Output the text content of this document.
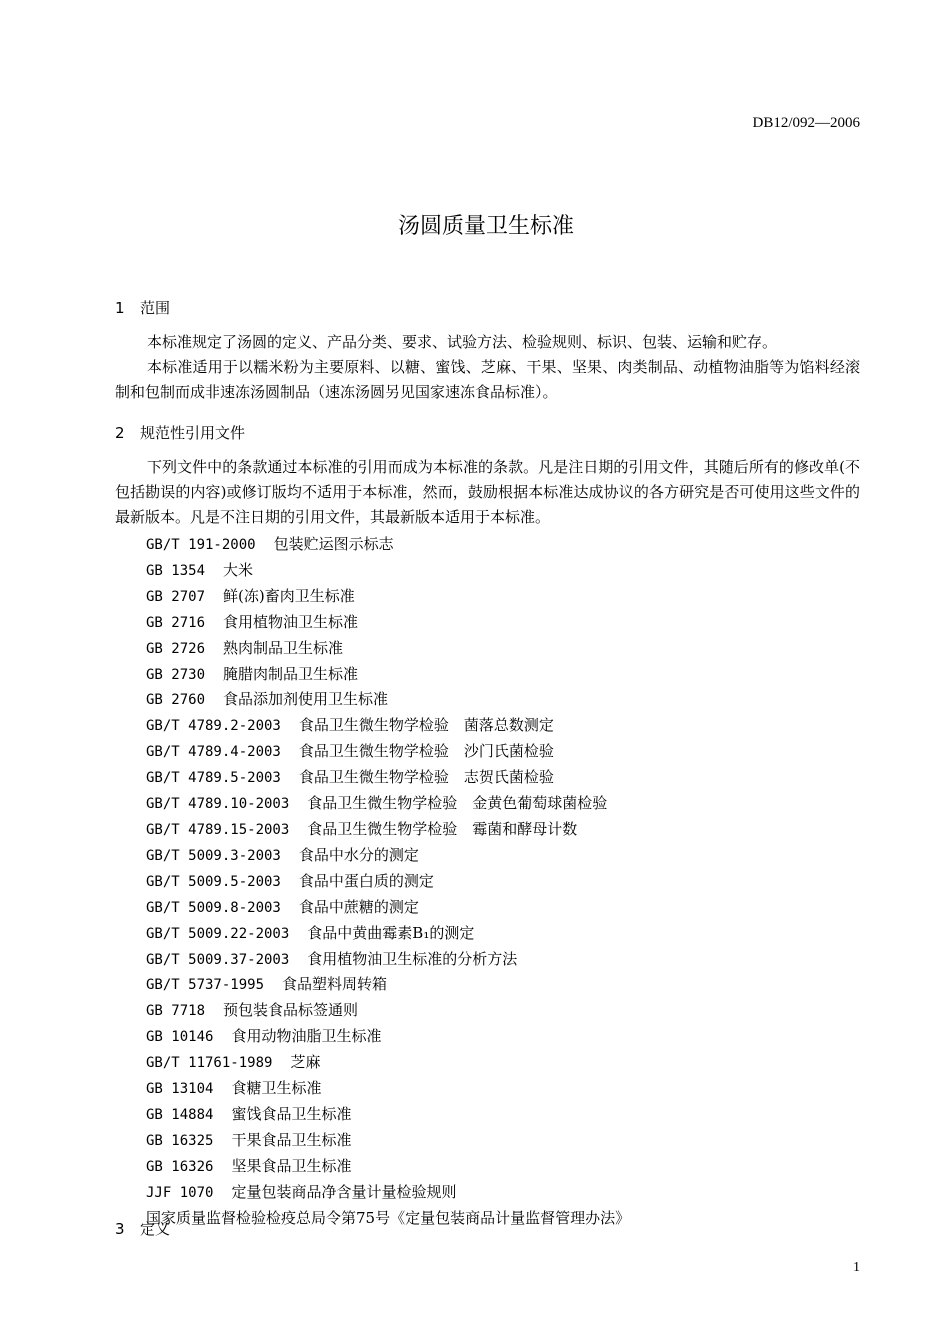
DB12/092—2006
汤圆质量卫生标准
1 范围

本标准规定了汤圆的定义、产品分类、要求、试验方法、检验规则、标识、包装、运输和贮存。

本标准适用于以糯米粉为主要原料、以糖、蜜饯、芝麻、干果、坚果、肉类制品、动植物油脂等为馅料经滚制和包制而成非速冻汤圆制品（速冻汤圆另见国家速冻食品标准）。

2 规范性引用文件

下列文件中的条款通过本标准的引用而成为本标准的条款。凡是注日期的引用文件，其随后所有的修改单(不包括勘误的内容)或修订版均不适用于本标准，然而，鼓励根据本标准达成协议的各方研究是否可使用这些文件的最新版本。凡是不注日期的引用文件，其最新版本适用于本标准。

GB/T 191-2000 包装贮运图示标志
GB 1354 大米
GB 2707 鲜(冻)畜肉卫生标准
GB 2716 食用植物油卫生标准
GB 2726 熟肉制品卫生标准
GB 2730 腌腊肉制品卫生标准
GB 2760 食品添加剂使用卫生标准
GB/T 4789.2-2003 食品卫生微生物学检验　菌落总数测定
GB/T 4789.4-2003 食品卫生微生物学检验　沙门氏菌检验
GB/T 4789.5-2003 食品卫生微生物学检验　志贺氏菌检验
GB/T 4789.10-2003 食品卫生微生物学检验　金黄色葡萄球菌检验
GB/T 4789.15-2003 食品卫生微生物学检验　霉菌和酵母计数
GB/T 5009.3-2003 食品中水分的测定
GB/T 5009.5-2003 食品中蛋白质的测定
GB/T 5009.8-2003 食品中蔗糖的测定
GB/T 5009.22-2003 食品中黄曲霉素B₁的测定
GB/T 5009.37-2003 食用植物油卫生标准的分析方法
GB/T 5737-1995 食品塑料周转箱
GB 7718 预包装食品标签通则
GB 10146 食用动物油脂卫生标准
GB/T 11761-1989 芝麻
GB 13104 食糖卫生标准
GB 14884 蜜饯食品卫生标准
GB 16325 干果食品卫生标准
GB 16326 坚果食品卫生标准
JJF 1070 定量包装商品净含量计量检验规则
国家质量监督检验检疫总局令第75号《定量包装商品计量监督管理办法》
3 定义
1
